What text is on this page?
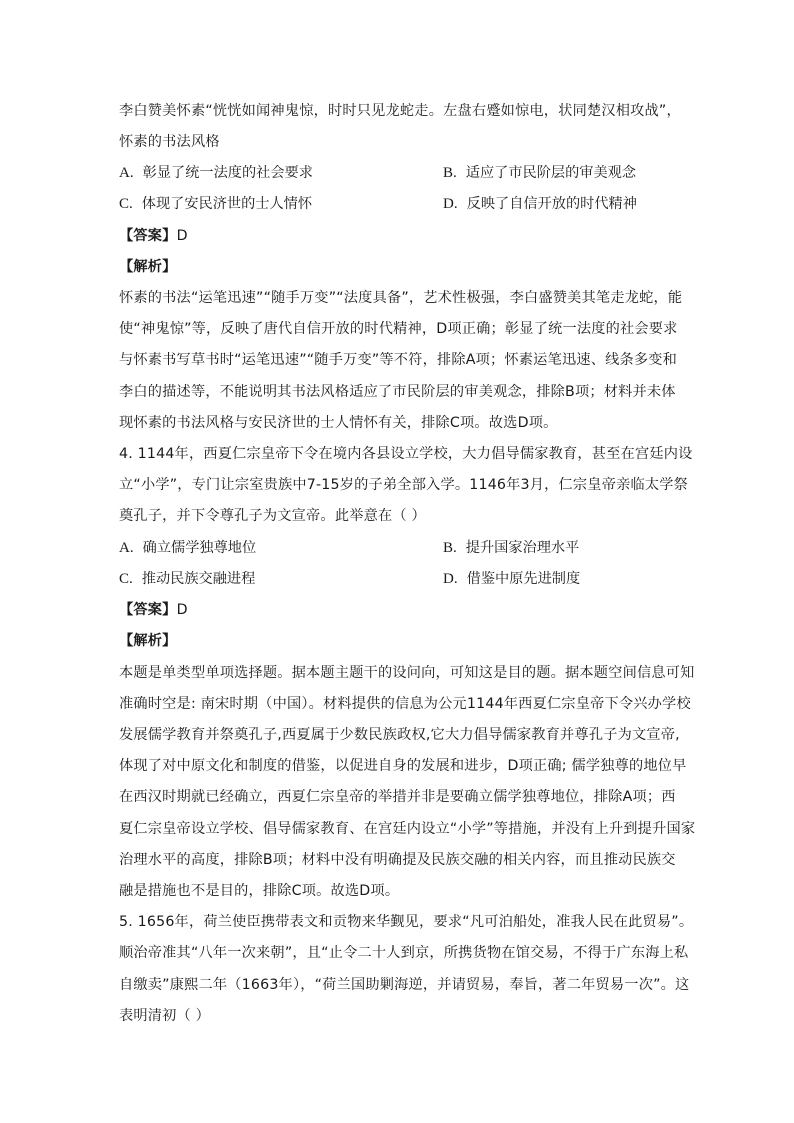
李白赞美怀素“恍恍如闻神鬼惊，时时只见龙蛇走。左盘右蹙如惊电，状同楚汉相攻战”，
怀素的书法风格
A. 彰显了统一法度的社会要求	B. 适应了市民阶层的审美观念
C. 体现了安民济世的士人情怀	D. 反映了自信开放的时代精神
【答案】D
【解析】
怀素的书法“运笔迅速”“随手万变”“法度具备”，艺术性极强，李白盛赞美其笔走龙蛇，能
使“神鬼惊”等，反映了唐代自信开放的时代精神，D项正确；彰显了统一法度的社会要求
与怀素书写草书时“运笔迅速”“随手万变”等不符，排除A项；怀素运笔迅速、线条多变和
李白的描述等，不能说明其书法风格适应了市民阶层的审美观念，排除B项；材料并未体
现怀素的书法风格与安民济世的士人情怀有关，排除C项。故选D项。
4. 1144年，西夏仁宗皇帝下令在境内各县设立学校，大力倡导儒家教育，甚至在宫廷内设
立“小学”，专门让宗室贵族中7-15岁的子弟全部入学。1146年3月，仁宗皇帝亲临太学祭
奠孔子，并下令尊孔子为文宣帝。此举意在（ ）
A. 确立儒学独尊地位	B. 提升国家治理水平
C. 推动民族交融进程	D. 借鉴中原先进制度
【答案】D
【解析】
本题是单类型单项选择题。据本题主题干的设问向，可知这是目的题。据本题空间信息可知
准确时空是: 南宋时期（中国）。材料提供的信息为公元1144年西夏仁宗皇帝下令兴办学校
发展儒学教育并祭奠孔子,西夏属于少数民族政权,它大力倡导儒家教育并尊孔子为文宣帝,
体现了对中原文化和制度的借鉴，以促进自身的发展和进步，D项正确; 儒学独尊的地位早
在西汉时期就已经确立，西夏仁宗皇帝的举措并非是要确立儒学独尊地位，排除A项；西
夏仁宗皇帝设立学校、倡导儒家教育、在宫廷内设立“小学”等措施，并没有上升到提升国家
治理水平的高度，排除B项；材料中没有明确提及民族交融的相关内容，而且推动民族交
融是措施也不是目的，排除C项。故选D项。
5. 1656年，荷兰使臣携带表文和贡物来华觐见，要求“凡可泊船处，准我人民在此贸易”。
顺治帝准其“八年一次来朝”，且“止令二十人到京，所携货物在馆交易，不得于广东海上私
自缴卖”康熙二年（1663年），“荷兰国助剿海逆，并请贸易，奉旨，著二年贸易一次”。这
表明清初（ ）
